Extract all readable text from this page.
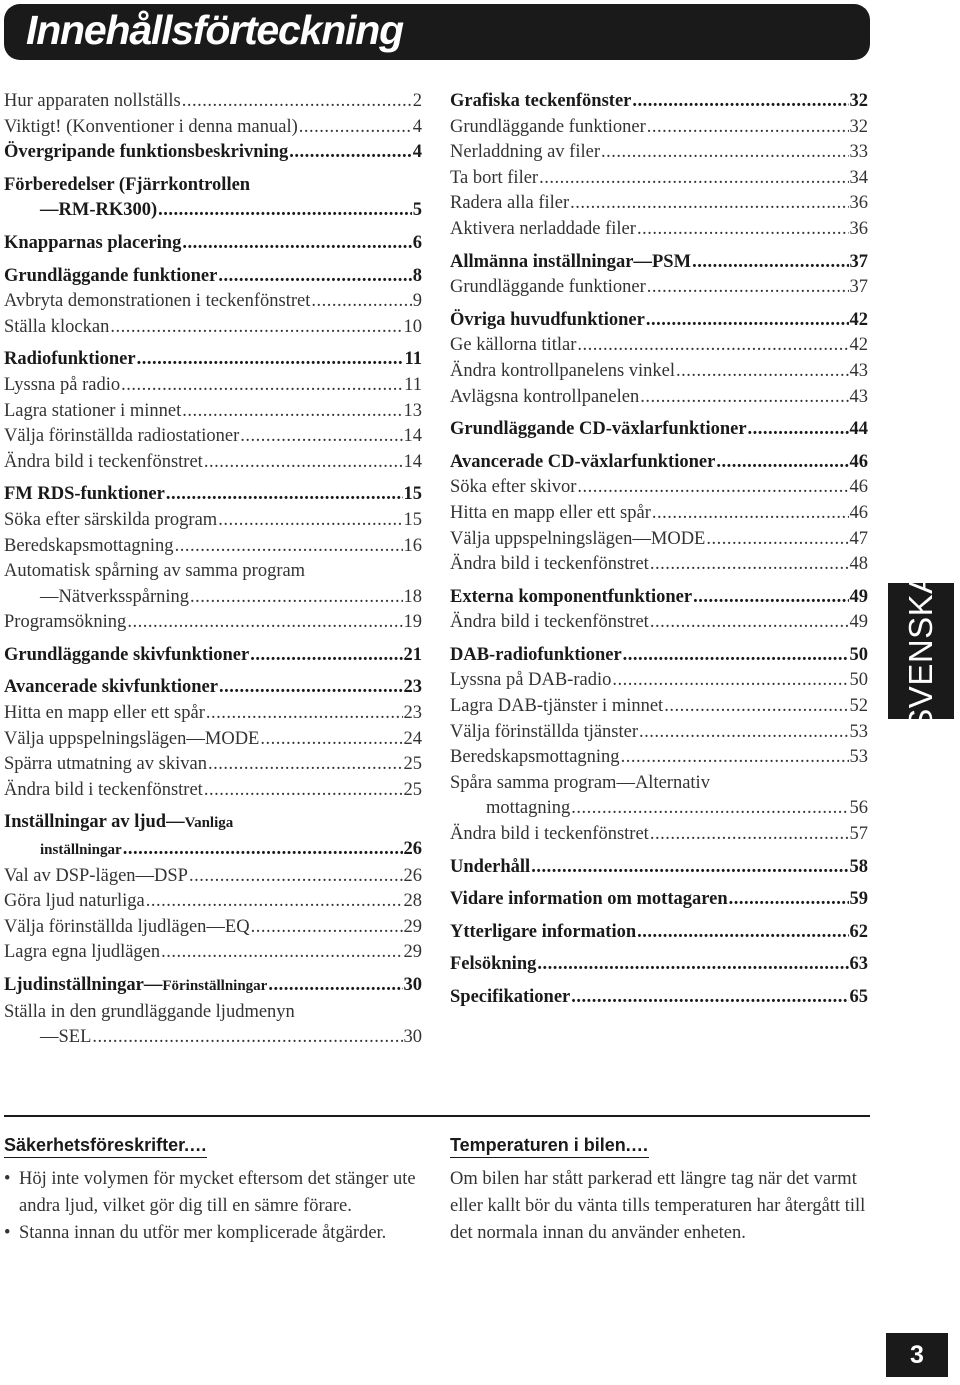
Innehållsförteckning
Hur apparaten nollställs .....	2
Viktigt! (Konventioner i denna manual) .....	4
Övergripande funktionsbeskrivning .....	4
Förberedelser (Fjärrkontrollen
—RM-RK300) .....	5
Knapparnas placering .....	6
Grundläggande funktioner .....	8
Avbryta demonstrationen i teckenfönstret .....	9
Ställa klockan .....	10
Radiofunktioner .....	11
Lyssna på radio .....	11
Lagra stationer i minnet .....	13
Välja förinställda radiostationer .....	14
Ändra bild i teckenfönstret .....	14
FM RDS-funktioner .....	15
Söka efter särskilda program .....	15
Beredskapsmottagning .....	16
Automatisk spårning av samma program
—Nätverksspårning .....	18
Programsökning .....	19
Grundläggande skivfunktioner .....	21
Avancerade skivfunktioner .....	23
Hitta en mapp eller ett spår .....	23
Välja uppspelningslägen—MODE .....	24
Spärra utmatning av skivan .....	25
Ändra bild i teckenfönstret .....	25
Inställningar av ljud— Vanliga
inställningar .....	26
Val av DSP-lägen—DSP .....	26
Göra ljud naturliga .....	28
Välja förinställda ljudlägen—EQ .....	29
Lagra egna ljudlägen .....	29
Ljudinställningar— Förinställningar .....	30
Ställa in den grundläggande ljudmenyn
—SEL .....	30
Grafiska teckenfönster .....	32
Grundläggande funktioner .....	32
Nerladdning av filer .....	33
Ta bort filer .....	34
Radera alla filer .....	36
Aktivera nerladdade filer .....	36
Allmänna inställningar—PSM .....	37
Grundläggande funktioner .....	37
Övriga huvudfunktioner .....	42
Ge källorna titlar .....	42
Ändra kontrollpanelens vinkel .....	43
Avlägsna kontrollpanelen .....	43
Grundläggande CD-växlarfunktioner .....	44
Avancerade CD-växlarfunktioner .....	46
Söka efter skivor .....	46
Hitta en mapp eller ett spår .....	46
Välja uppspelningslägen—MODE .....	47
Ändra bild i teckenfönstret .....	48
Externa komponentfunktioner .....	49
Ändra bild i teckenfönstret .....	49
DAB-radiofunktioner .....	50
Lyssna på DAB-radio .....	50
Lagra DAB-tjänster i minnet .....	52
Välja förinställda tjänster .....	53
Beredskapsmottagning .....	53
Spåra samma program—Alternativ
mottagning .....	56
Ändra bild i teckenfönstret .....	57
Underhåll .....	58
Vidare information om mottagaren .....	59
Ytterligare information .....	62
Felsökning .....	63
Specifikationer .....	65
SVENSKA
Säkerhetsföreskrifter.…
• Höj inte volymen för mycket eftersom det stänger ute andra ljud, vilket gör dig till en sämre förare.
• Stanna innan du utför mer komplicerade åtgärder.
Temperaturen i bilen.…

Om bilen har stått parkerad ett längre tag när det varmt eller kallt bör du vänta tills temperaturen har återgått till det normala innan du använder enheten.

3
